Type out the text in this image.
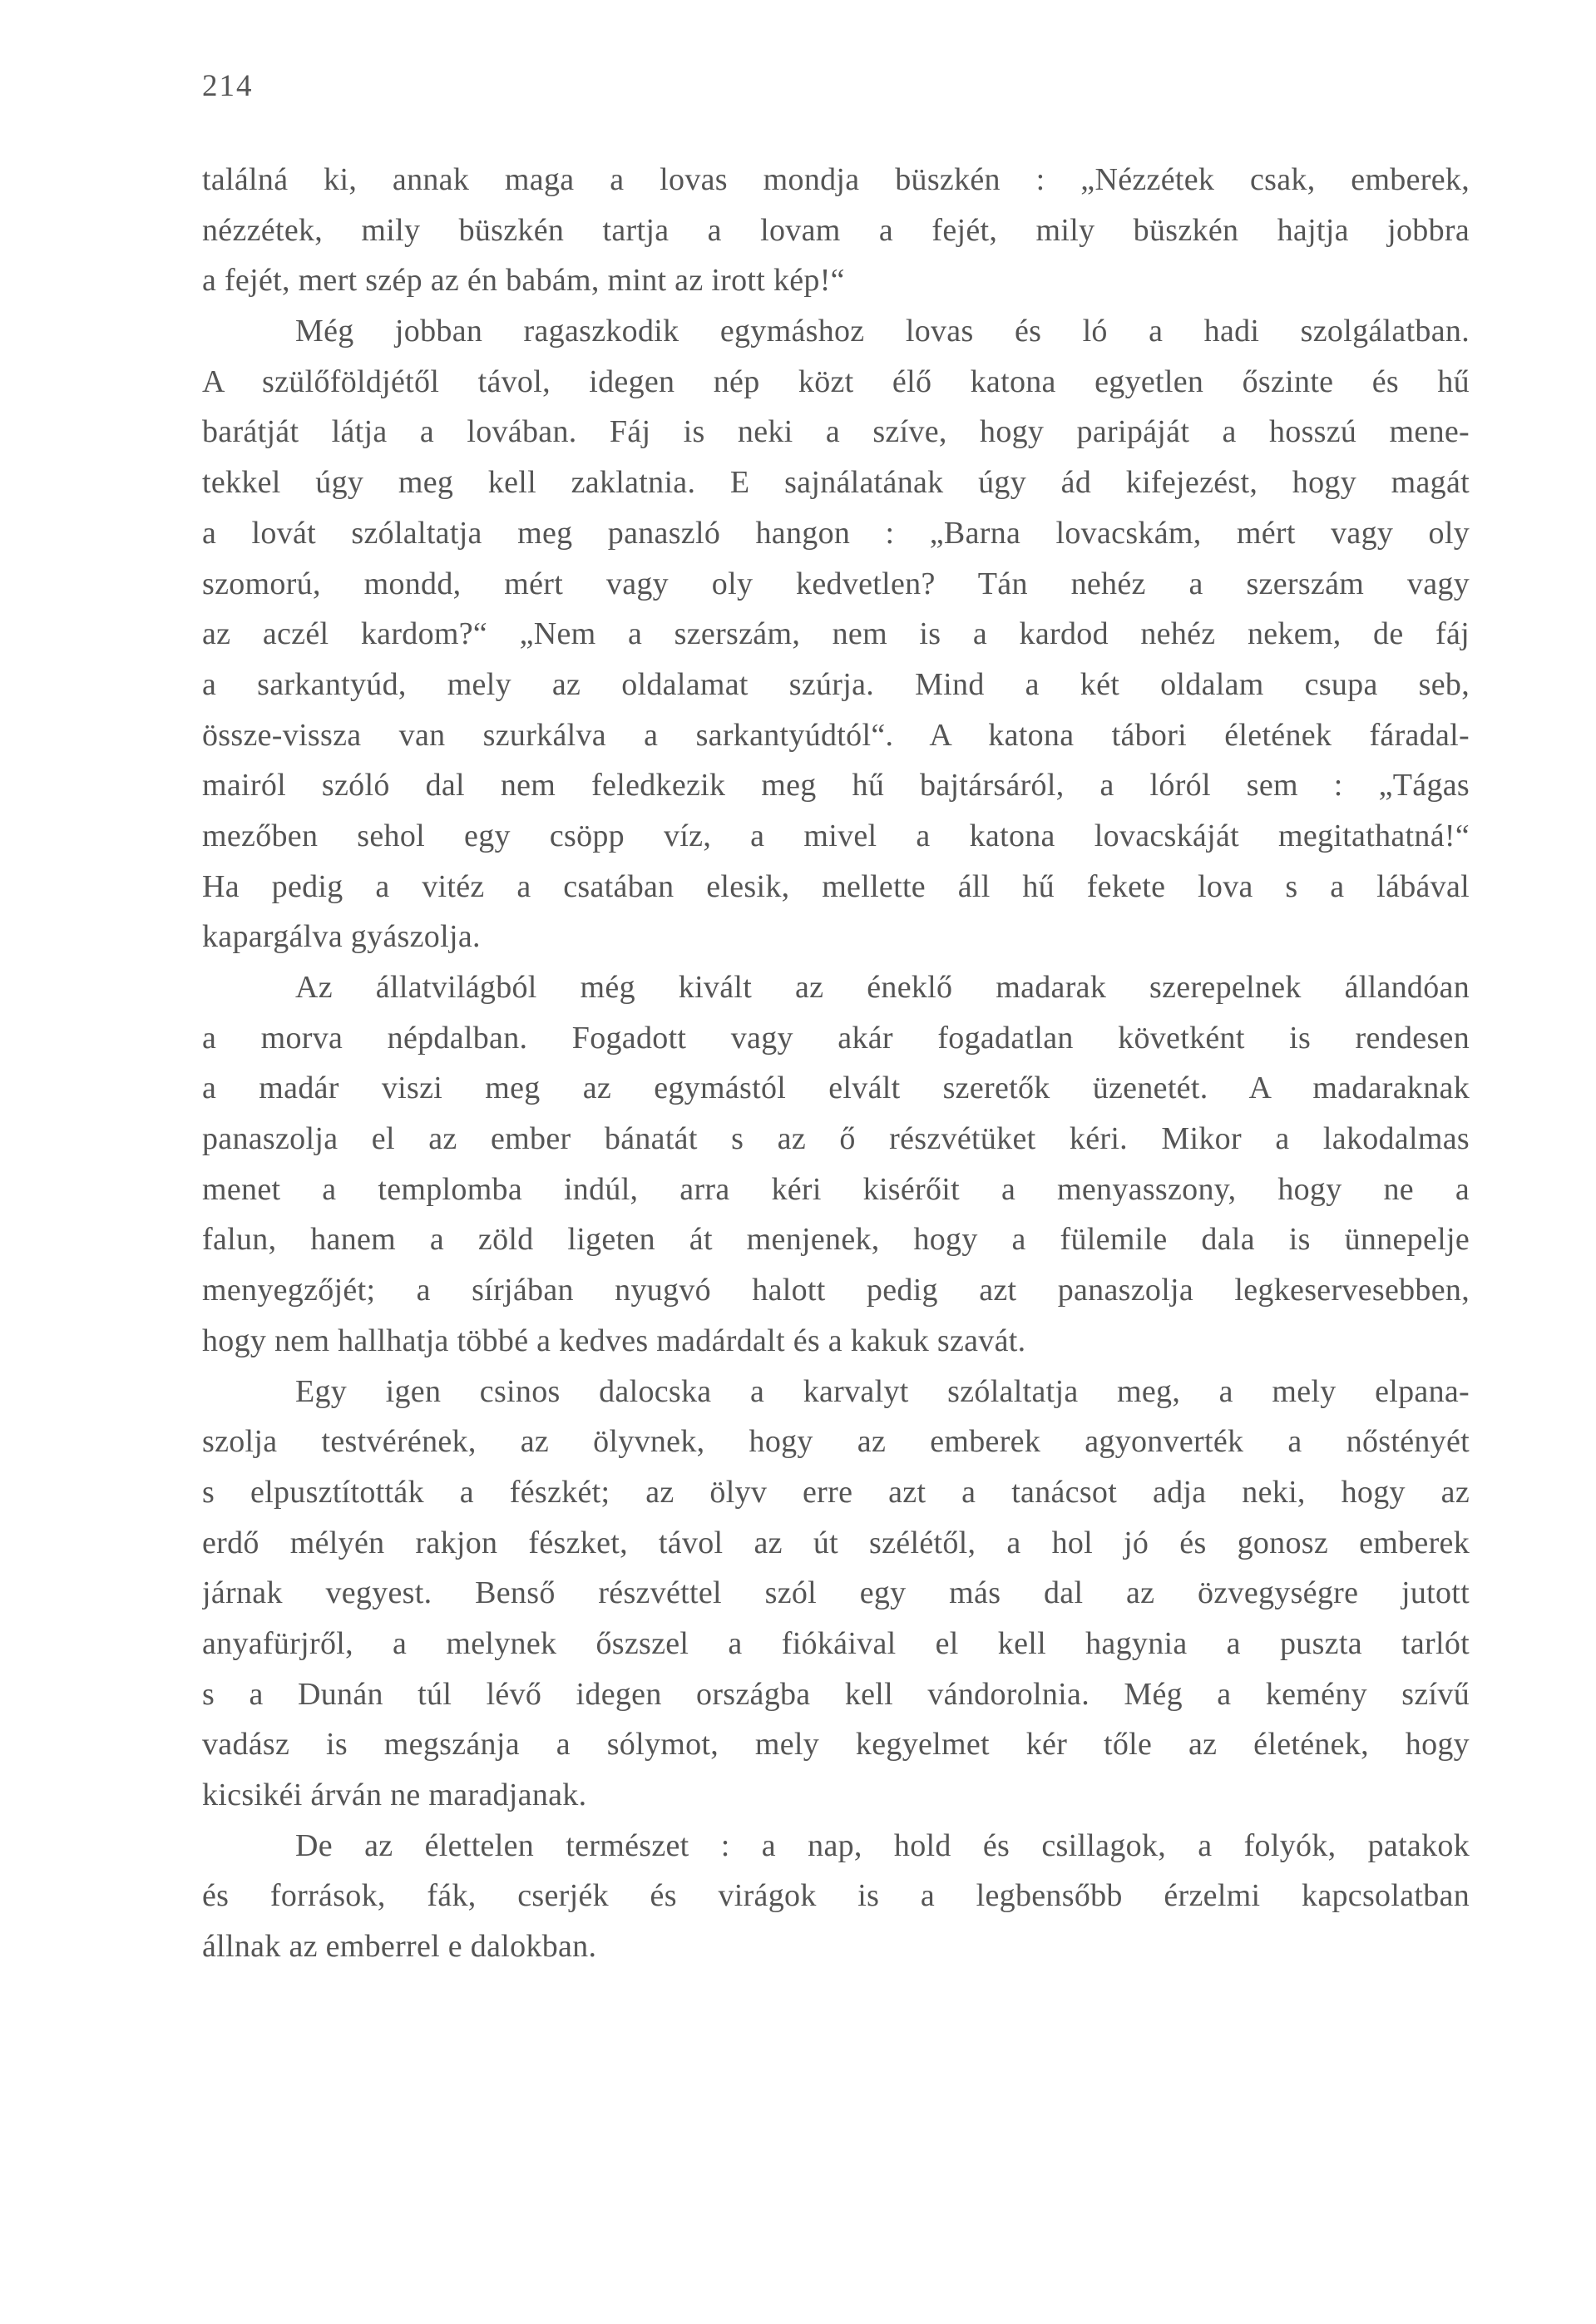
214
találná ki, annak maga a lovas mondja büszkén : „Nézzétek csak, emberek,
nézzétek, mily büszkén tartja a lovam a fejét, mily büszkén hajtja jobbra
a fejét, mert szép az én babám, mint az irott kép!“
Még jobban ragaszkodik egymáshoz lovas és ló a hadi szolgálatban.
A szülőföldjétől távol, idegen nép közt élő katona egyetlen őszinte és hű
barátját látja a lovában. Fáj is neki a szíve, hogy paripáját a hosszú mene-
tekkel úgy meg kell zaklatnia. E sajnálatának úgy ád kifejezést, hogy magát
a lovát szólaltatja meg panaszló hangon : „Barna lovacskám, mért vagy oly
szomorú, mondd, mért vagy oly kedvetlen? Tán nehéz a szerszám vagy
az aczél kardom?“ „Nem a szerszám, nem is a kardod nehéz nekem, de fáj
a sarkantyúd, mely az oldalamat szúrja. Mind a két oldalam csupa seb,
össze-vissza van szurkálva a sarkantyúdtól“. A katona tábori életének fáradal-
mairól szóló dal nem feledkezik meg hű bajtársáról, a lóról sem : „Tágas
mezőben sehol egy csöpp víz, a mivel a katona lovacskáját megitathatná!“
Ha pedig a vitéz a csatában elesik, mellette áll hű fekete lova s a lábával
kapargálva gyászolja.
Az állatvilágból még kivált az éneklő madarak szerepelnek állandóan
a morva népdalban. Fogadott vagy akár fogadatlan követként is rendesen
a madár viszi meg az egymástól elvált szeretők üzenetét. A madaraknak
panaszolja el az ember bánatát s az ő részvétüket kéri. Mikor a lakodalmas
menet a templomba indúl, arra kéri kisérőit a menyasszony, hogy ne a
falun, hanem a zöld ligeten át menjenek, hogy a fülemile dala is ünnepelje
menyegzőjét; a sírjában nyugvó halott pedig azt panaszolja legkeservesebben,
hogy nem hallhatja többé a kedves madárdalt és a kakuk szavát.
Egy igen csinos dalocska a karvalyt szólaltatja meg, a mely elpana-
szolja testvérének, az ölyvnek, hogy az emberek agyonverték a nőstényét
s elpusztították a fészkét; az ölyv erre azt a tanácsot adja neki, hogy az
erdő mélyén rakjon fészket, távol az út szélétől, a hol jó és gonosz emberek
járnak vegyest. Benső részvéttel szól egy más dal az özvegységre jutott
anyafürjről, a melynek őszszel a fiókáival el kell hagynia a puszta tarlót
s a Dunán túl lévő idegen országba kell vándorolnia. Még a kemény szívű
vadász is megszánja a sólymot, mely kegyelmet kér tőle az életének, hogy
kicsikéi árván ne maradjanak.
De az élettelen természet : a nap, hold és csillagok, a folyók, patakok
és források, fák, cserjék és virágok is a legbensőbb érzelmi kapcsolatban
állnak az emberrel e dalokban.
